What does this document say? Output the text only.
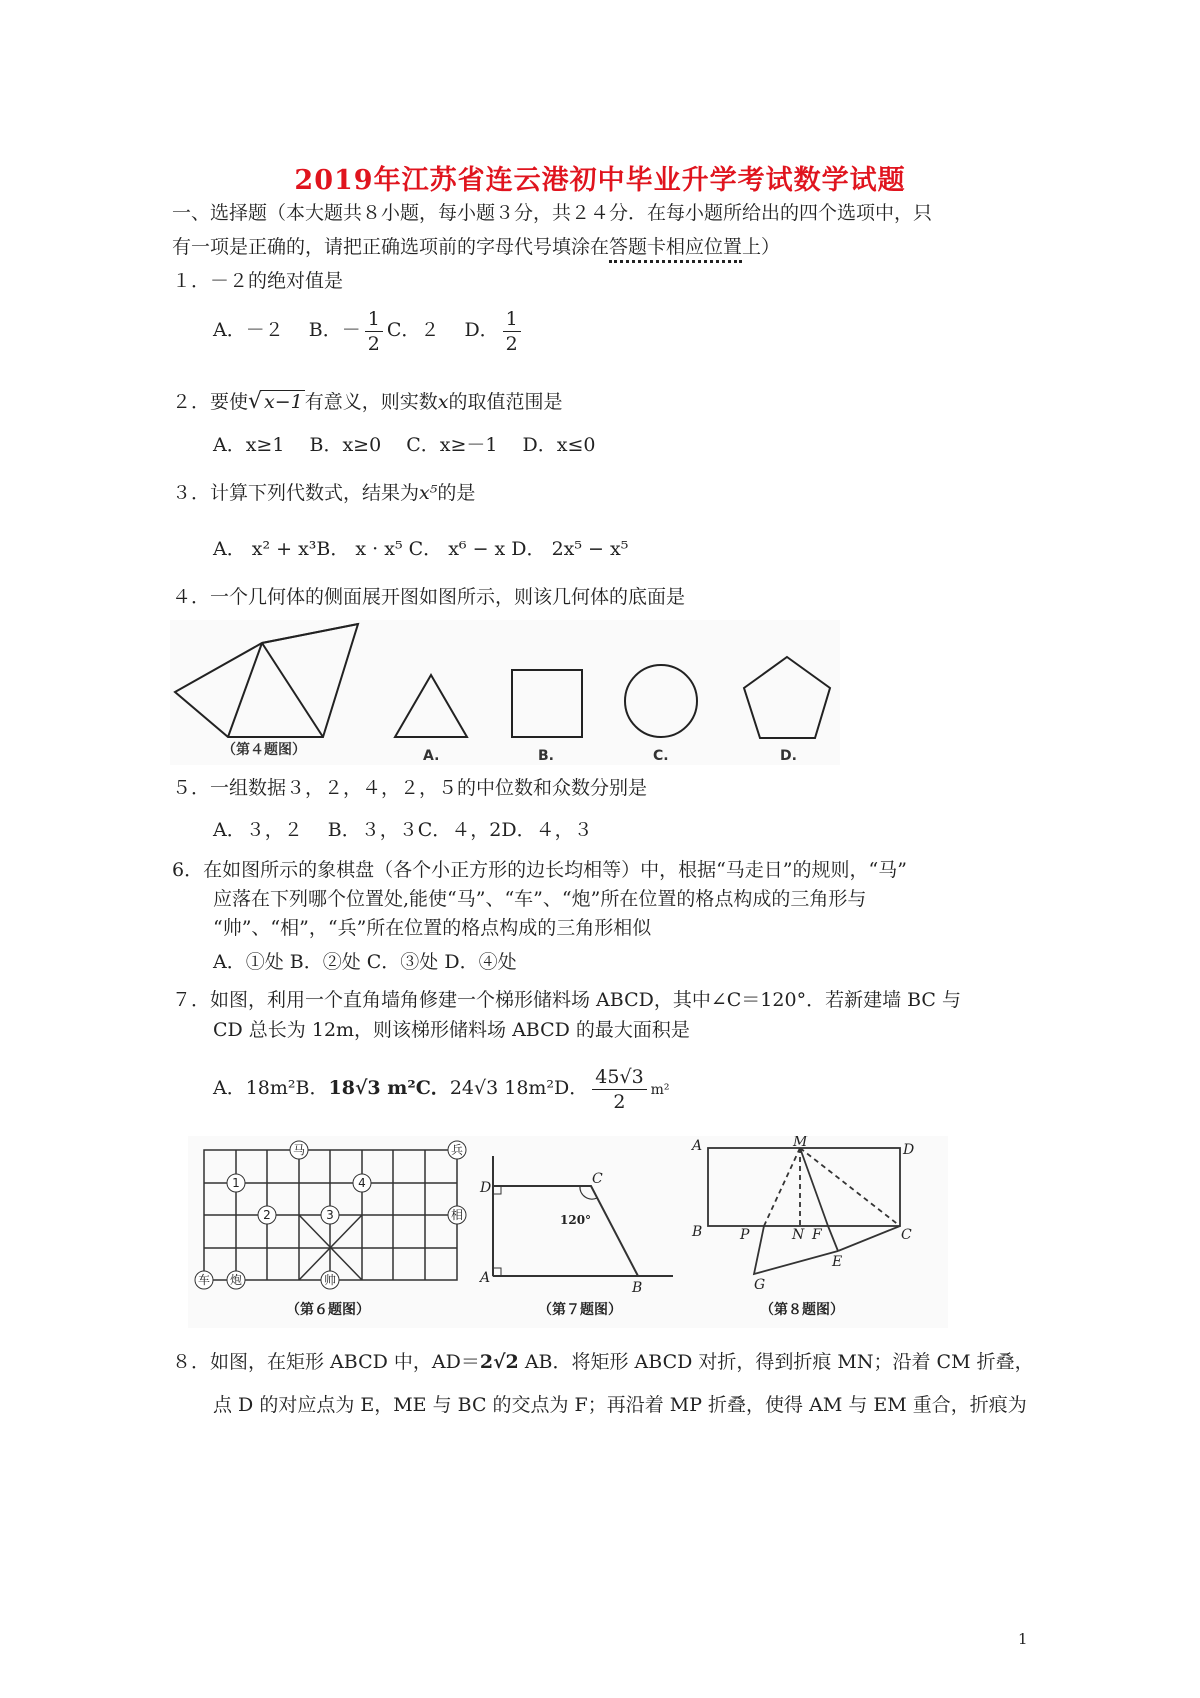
2019年江苏省连云港初中毕业升学考试数学试题
一、选择题（本大题共８小题，每小题３分，共２４分．在每小题所给出的四个选项中，只
有一项是正确的，请把正确选项前的字母代号填涂在答题卡相应位置上）
１．－２的绝对值是
A．－２　 B．－ $\frac{1}{2}$ C．２　 D． $\frac{1}{2}$
２．要使√ x−1 有意义，则实数x的取值范围是
A．x≥1　 B．x≥0　 C．x≥－1　 D．x≤0
３．计算下列代数式，结果为x⁵的是
A． x² + x³B． x · x⁵ C． x⁶ − x D． 2x⁵ − x⁵
４．一个几何体的侧面展开图如图所示，则该几何体的底面是
（第４题图）	A.	B.	C.	D.
５．一组数据３，２，４，２，５的中位数和众数分别是
A．３，２　 B．３，３C．４，2D．４，３
6．在如图所示的象棋盘（各个小正方形的边长均相等）中，根据“马走日”的规则，“马”
应落在下列哪个位置处,能使“马”、“车”、“炮”所在位置的格点构成的三角形与
“帅”、“相”，“兵”所在位置的格点构成的三角形相似
A．①处 B．②处 C．③处 D．④处
７．如图，利用一个直角墙角修建一个梯形储料场 ABCD，其中∠C＝120°．若新建墙 BC 与
CD 总长为 12m，则该梯形储料场 ABCD 的最大面积是
A．18m²B．18√3 m²C．24√3 18m²D． $\frac{45√3}{2} m^2$
马	兵
相
车 炮	帅
1
2	3
4
（第６题图）
D
C
A
B
120°
（第７题图）
A	M	D
B	P	N F	C
E
G
（第８题图）
８．如图，在矩形 ABCD 中，AD＝2√2 AB．将矩形 ABCD 对折，得到折痕 MN；沿着 CM 折叠，
点 D 的对应点为 E，ME 与 BC 的交点为 F；再沿着 MP 折叠，使得 AM 与 EM 重合，折痕为
1
